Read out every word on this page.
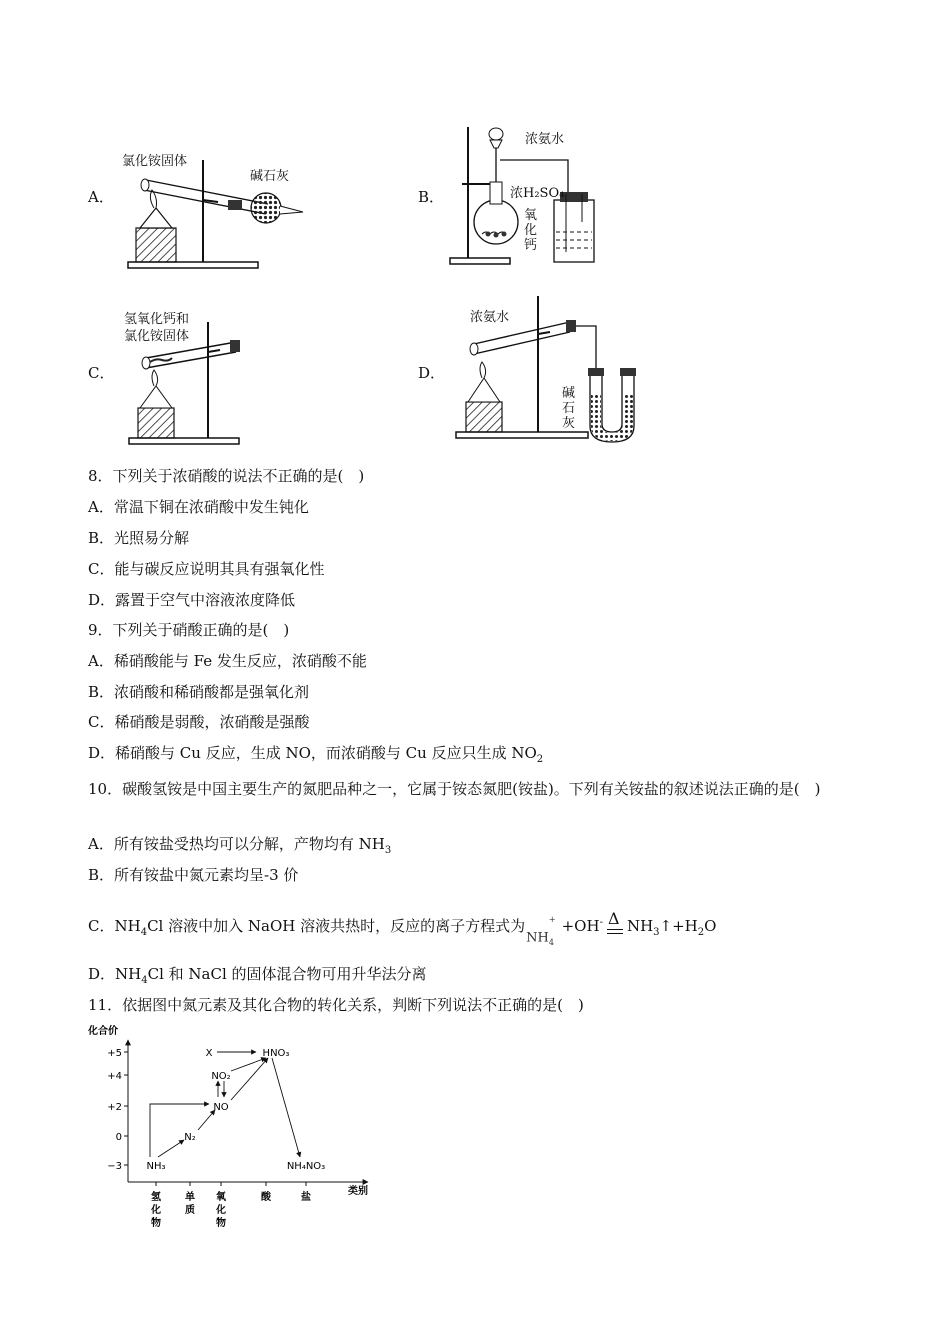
A．
氯化铵固体
碱石灰
B．
浓氨水
浓H₂SO₄
氧
化
钙
C．
氢氧化钙和
氯化铵固体
D．
浓氨水
碱
石
灰
8．下列关于浓硝酸的说法不正确的是(　)
A．常温下铜在浓硝酸中发生钝化
B．光照易分解
C．能与碳反应说明其具有强氧化性
D．露置于空气中溶液浓度降低
9．下列关于硝酸正确的是(　)
A．稀硝酸能与 Fe 发生反应，浓硝酸不能
B．浓硝酸和稀硝酸都是强氧化剂
C．稀硝酸是弱酸，浓硝酸是强酸
D．稀硝酸与 Cu 反应，生成 NO，而浓硝酸与 Cu 反应只生成 $NO_2$
10．碳酸氢铵是中国主要生产的氮肥品种之一，它属于铵态氮肥(铵盐)。下列有关铵盐的叙述说法正确的是(　)
A．所有铵盐受热均可以分解，产物均有 $NH_3$
B．所有铵盐中氮元素均呈-3 价
C．$NH_4Cl$ 溶液中加入 NaOH 溶液共热时，反应的离子方程式为$NH_4^+ +OH^-$ Δ $NH_3↑+H_2O$
D．$NH_4Cl$ 和 NaCl 的固体混合物可用升华法分离
11．依据图中氮元素及其化合物的转化关系，判断下列说法不正确的是(　)
化合价
类别
+5
+4
+2
0
−3
氢
化
物
单
质
氧
化
物
酸	盐
X	HNO₃
NO₂
NO
N₂
NH₃	NH₄NO₃
